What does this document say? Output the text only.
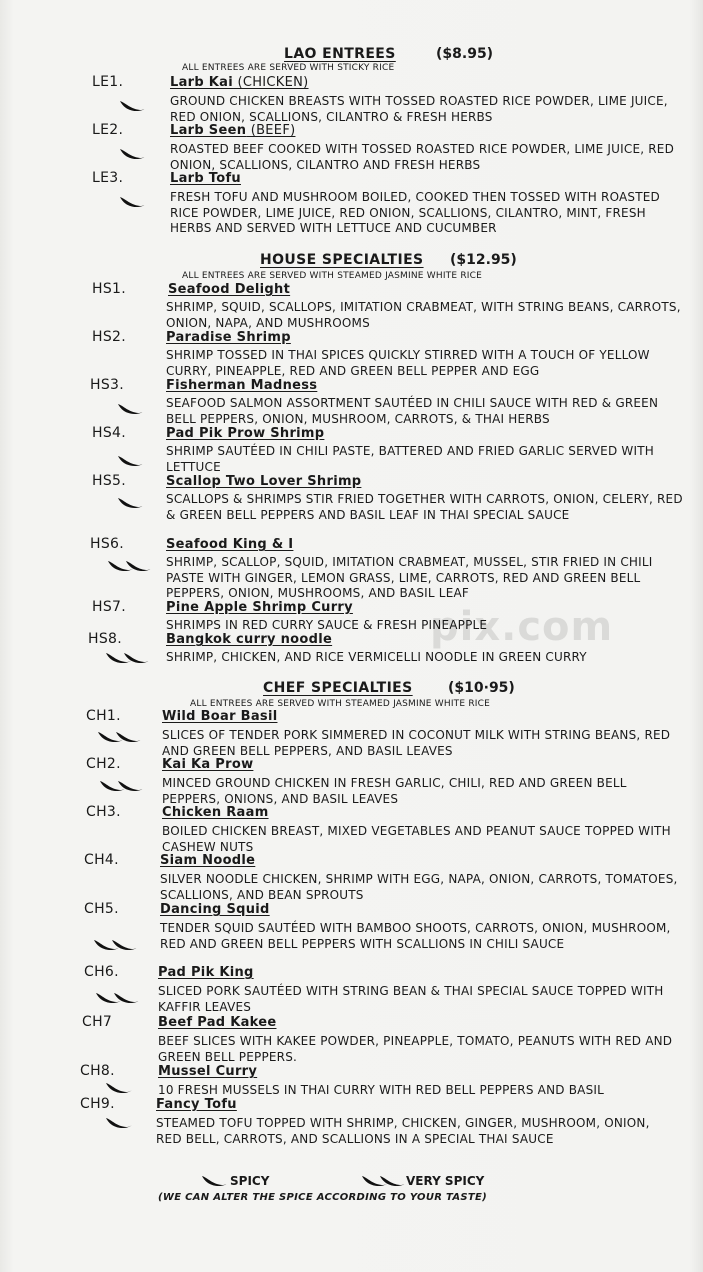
LAO ENTREES	($8.95)
ALL ENTREES ARE SERVED WITH STICKY RICE
LE1.	Larb Kai (CHICKEN)
GROUND CHICKEN BREASTS WITH TOSSED ROASTED RICE POWDER, LIME JUICE, RED ONION, SCALLIONS, CILANTRO & FRESH HERBS
LE2.	Larb Seen (BEEF)
ROASTED BEEF COOKED WITH TOSSED ROASTED RICE POWDER, LIME JUICE, RED ONION, SCALLIONS, CILANTRO AND FRESH HERBS
LE3.	Larb Tofu
FRESH TOFU AND MUSHROOM BOILED, COOKED THEN TOSSED WITH ROASTED RICE POWDER, LIME JUICE, RED ONION, SCALLIONS, CILANTRO, MINT, FRESH HERBS AND SERVED WITH LETTUCE AND CUCUMBER
HOUSE SPECIALTIES ($12.95)
ALL ENTREES ARE SERVED WITH STEAMED JASMINE WHITE RICE
HS1.	Seafood Delight
SHRIMP, SQUID, SCALLOPS, IMITATION CRABMEAT, WITH STRING BEANS, CARROTS, ONION, NAPA, AND MUSHROOMS
HS2.	Paradise Shrimp
SHRIMP TOSSED IN THAI SPICES QUICKLY STIRRED WITH A TOUCH OF YELLOW CURRY, PINEAPPLE, RED AND GREEN BELL PEPPER AND EGG
HS3.	Fisherman Madness
SEAFOOD SALMON ASSORTMENT SAUTÉED IN CHILI SAUCE WITH RED & GREEN BELL PEPPERS, ONION, MUSHROOM, CARROTS, & THAI HERBS
HS4.	Pad Pik Prow Shrimp
SHRIMP SAUTÉED IN CHILI PASTE, BATTERED AND FRIED GARLIC SERVED WITH LETTUCE
HS5.	Scallop Two Lover Shrimp
SCALLOPS & SHRIMPS STIR FRIED TOGETHER WITH CARROTS, ONION, CELERY, RED & GREEN BELL PEPPERS AND BASIL LEAF IN THAI SPECIAL SAUCE
HS6.	Seafood King & I
SHRIMP, SCALLOP, SQUID, IMITATION CRABMEAT, MUSSEL, STIR FRIED IN CHILI PASTE WITH GINGER, LEMON GRASS, LIME, CARROTS, RED AND GREEN BELL PEPPERS, ONION, MUSHROOMS, AND BASIL LEAF
HS7.	Pine Apple Shrimp Curry
SHRIMPS IN RED CURRY SAUCE & FRESH PINEAPPLE
HS8.	Bangkok curry noodle
SHRIMP, CHICKEN, AND RICE VERMICELLI NOODLE IN GREEN CURRY
pix.com
CHEF SPECIALTIES	($10·95)
ALL ENTREES ARE SERVED WITH STEAMED JASMINE WHITE RICE
CH1.	Wild Boar Basil
SLICES OF TENDER PORK SIMMERED IN COCONUT MILK WITH STRING BEANS, RED AND GREEN BELL PEPPERS, AND BASIL LEAVES
CH2.	Kai Ka Prow
MINCED GROUND CHICKEN IN FRESH GARLIC, CHILI, RED AND GREEN BELL PEPPERS, ONIONS, AND BASIL LEAVES
CH3.	Chicken Raam
BOILED CHICKEN BREAST, MIXED VEGETABLES AND PEANUT SAUCE TOPPED WITH CASHEW NUTS
CH4.	Siam Noodle
SILVER NOODLE CHICKEN, SHRIMP WITH EGG, NAPA, ONION, CARROTS, TOMATOES, SCALLIONS, AND BEAN SPROUTS
CH5.	Dancing Squid
TENDER SQUID SAUTÉED WITH BAMBOO SHOOTS, CARROTS, ONION, MUSHROOM, RED AND GREEN BELL PEPPERS WITH SCALLIONS IN CHILI SAUCE
CH6.	Pad Pik King
SLICED PORK SAUTÉED WITH STRING BEAN & THAI SPECIAL SAUCE TOPPED WITH KAFFIR LEAVES
CH7	Beef Pad Kakee
BEEF SLICES WITH KAKEE POWDER, PINEAPPLE, TOMATO, PEANUTS WITH RED AND GREEN BELL PEPPERS.
CH8.	Mussel Curry
10 FRESH MUSSELS IN THAI CURRY WITH RED BELL PEPPERS AND BASIL
CH9.	Fancy Tofu
STEAMED TOFU TOPPED WITH SHRIMP, CHICKEN, GINGER, MUSHROOM, ONION, RED BELL, CARROTS, AND SCALLIONS IN A SPECIAL THAI SAUCE
SPICY	VERY SPICY
(WE CAN ALTER THE SPICE ACCORDING TO YOUR TASTE)
